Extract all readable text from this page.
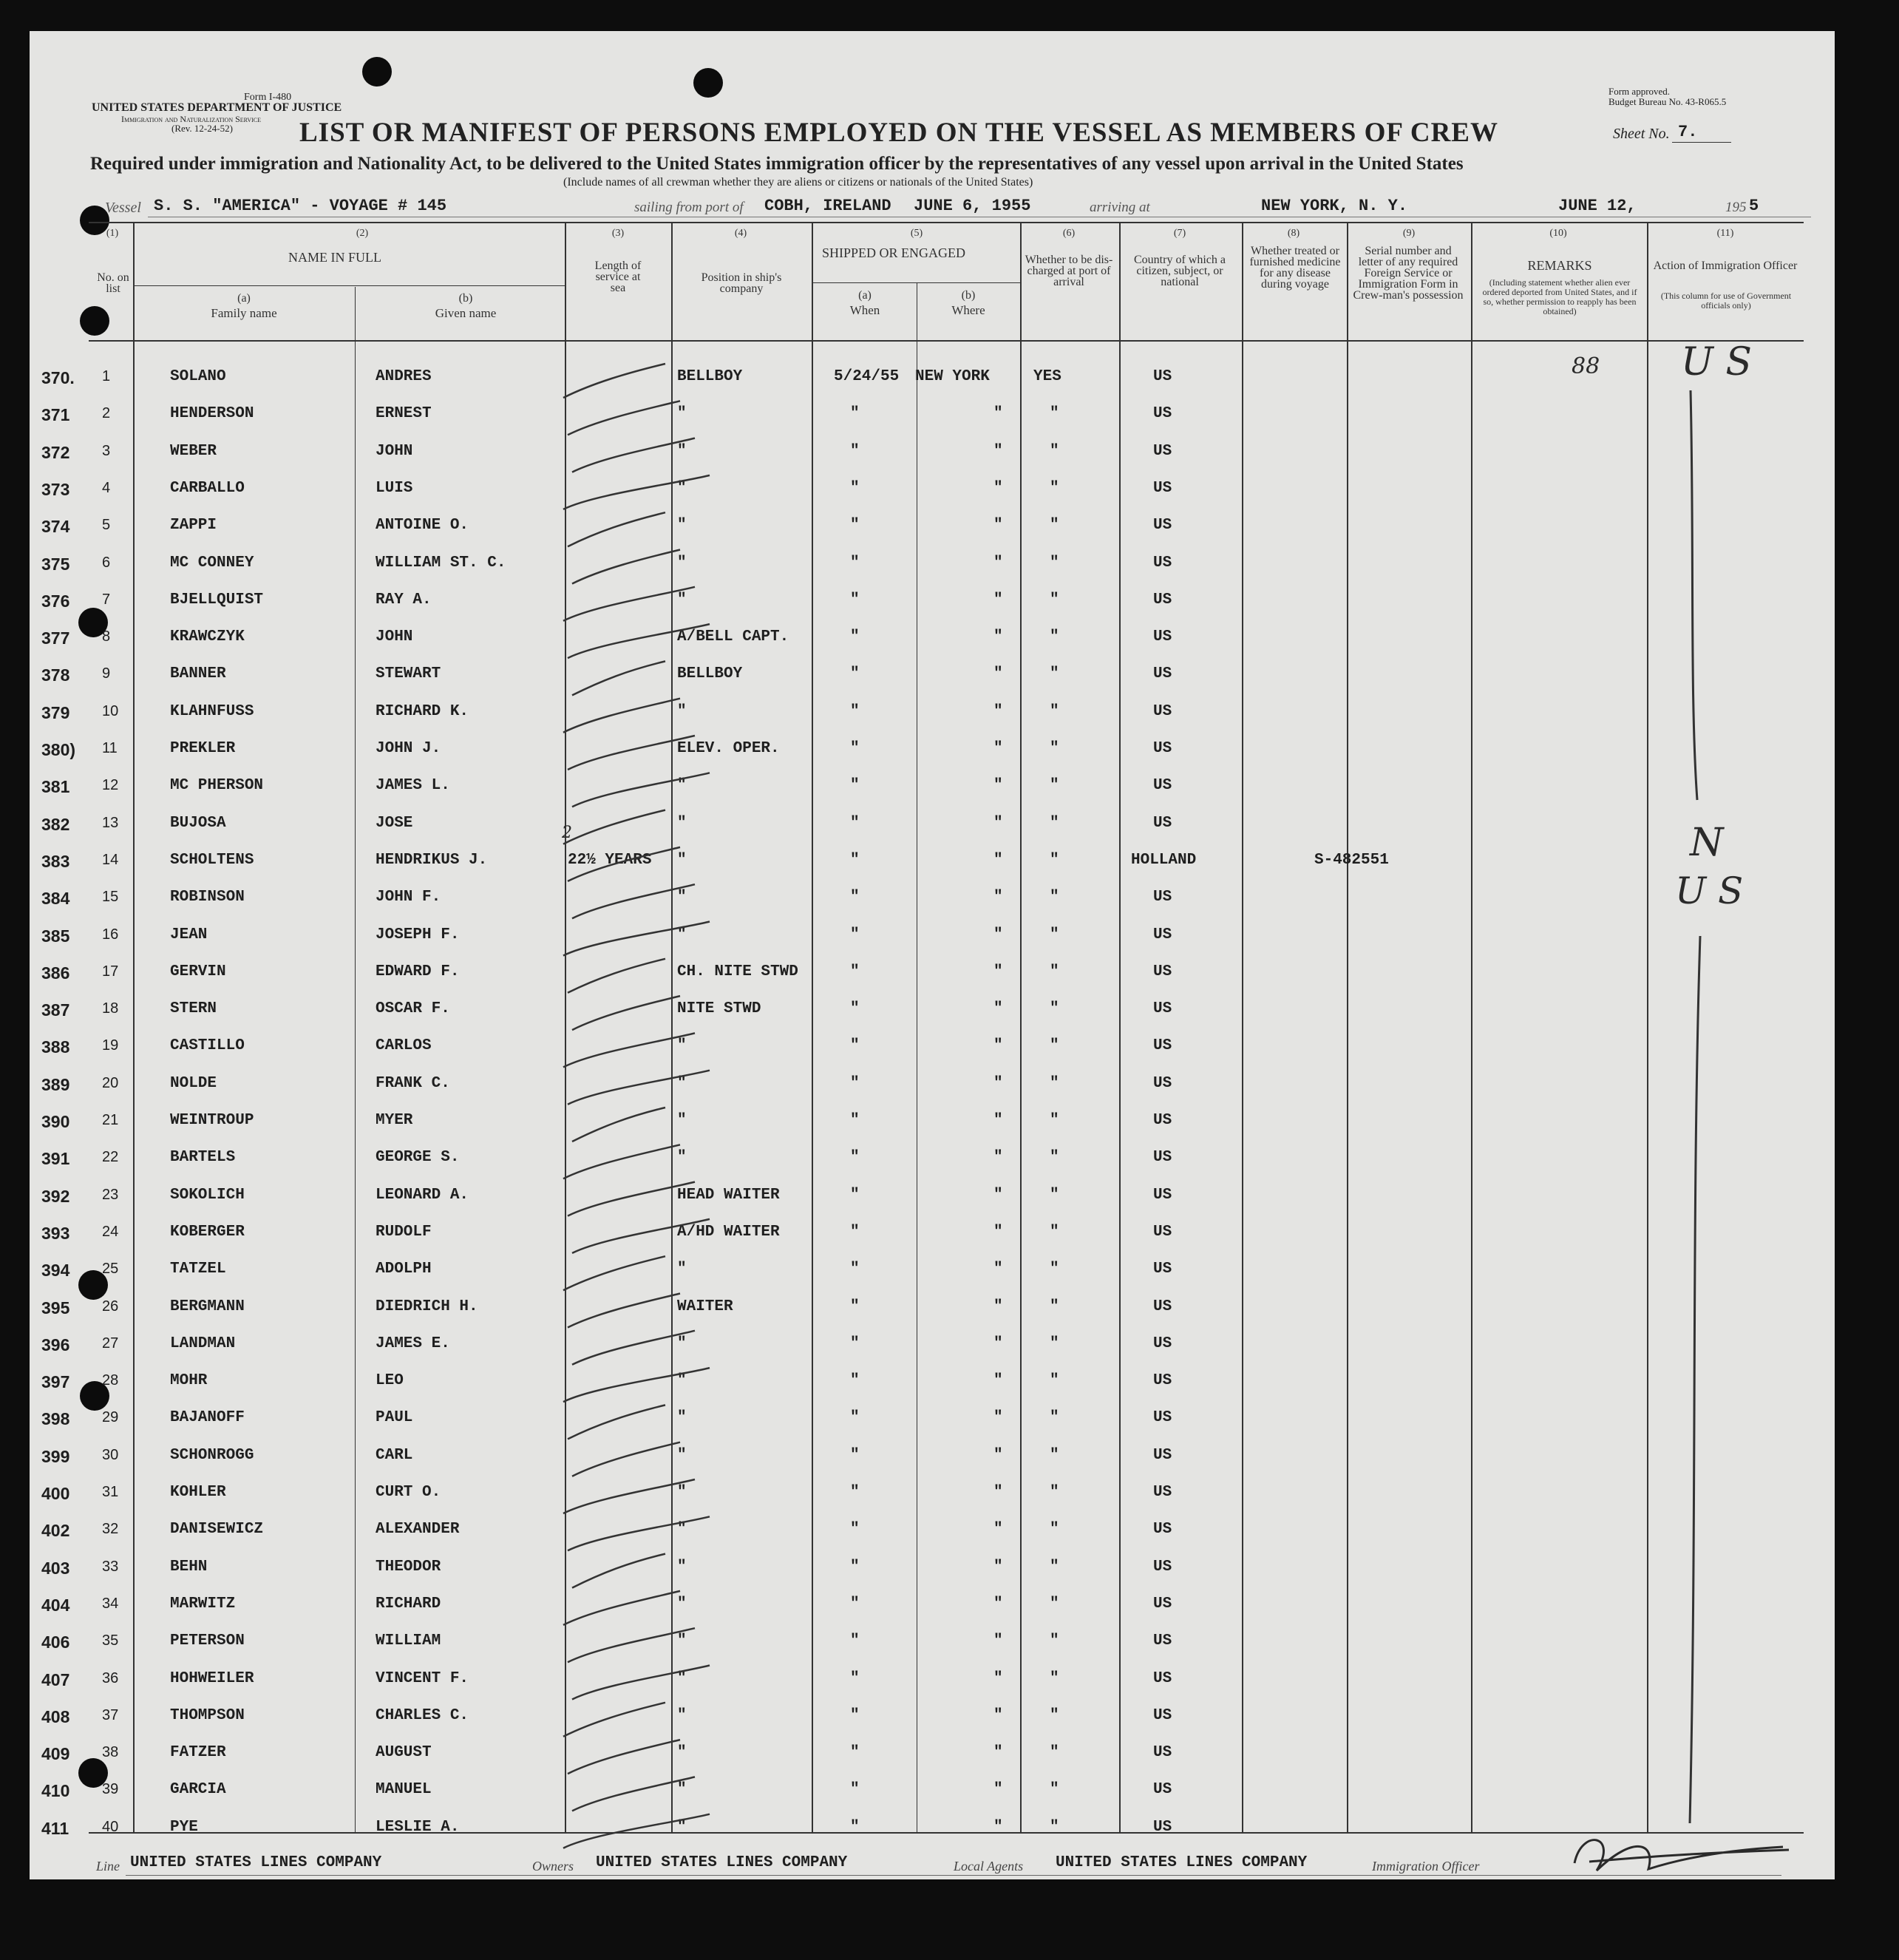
Form I-480
UNITED STATES DEPARTMENT OF JUSTICE
Immigration and Naturalization Service
(Rev. 12-24-52)
Form approved.
Budget Bureau No. 43-R065.5
LIST OR MANIFEST OF PERSONS EMPLOYED ON THE VESSEL AS MEMBERS OF CREW	Sheet No. 7.
Required under immigration and Nationality Act, to be delivered to the United States immigration officer by the representatives of any vessel upon arrival in the United States
(Include names of all crewman whether they are aliens or citizens or nationals of the United States)
Vessel S. S. "AMERICA" - VOYAGE # 145	sailing from port of COBH, IRELAND JUNE 6, 1955	arriving at	NEW YORK, N. Y.	JUNE 12,	195 5
(1)
No. on list
(2)
NAME IN FULL
(a)
Family name
(b)
Given name
(3)
Length of service at sea
(4)
Position in ship's company
(5)
SHIPPED OR ENGAGED
(a)
When
(b)
Where
(6)
Whether to be dis-charged at port of arrival
(7)
Country of which a citizen, subject, or national
(8)
Whether treated or furnished medicine for any disease during voyage
(9)
Serial number and letter of any required Foreign Service or Immigration Form in Crew-man's possession
(10)
REMARKS
(Including statement whether alien ever ordered deported from United States, and if so, whether permission to reapply has been obtained)
(11)
Action of Immigration Officer
(This column for use of Government officials only)
370. 1	SOLANO	ANDRES	BELLBOY	5/24/55 NEW YORK	YES	US
371 2	HENDERSON	ERNEST	"	"	"	"	US
372 3	WEBER	JOHN	"	"	"	"	US
373 4	CARBALLO	LUIS	"	"	"	"	US
374 5	ZAPPI	ANTOINE O.	"	"	"	"	US
375 6	MC CONNEY	WILLIAM ST. C.	"	"	"	"	US
376 7	BJELLQUIST	RAY A.	"	"	"	"	US
377 8	KRAWCZYK	JOHN	A/BELL CAPT.	"	"	"	US
378 9	BANNER	STEWART	BELLBOY	"	"	"	US
379 10	KLAHNFUSS	RICHARD K.	"	"	"	"	US
380) 11	PREKLER	JOHN J.	ELEV. OPER.	"	"	"	US
381 12	MC PHERSON	JAMES L.	"	"	"	"	US
382 13	BUJOSA	JOSE	"	"	"	"	US
383 14	SCHOLTENS	HENDRIKUS J.	22½ YEARS "	"	"	"	HOLLAND	S-482551
384 15	ROBINSON	JOHN F.	"	"	"	"	US
385 16	JEAN	JOSEPH F.	"	"	"	"	US
386 17	GERVIN	EDWARD F.	CH. NITE STWD	"	"	"	US
387 18	STERN	OSCAR F.	NITE STWD	"	"	"	US
388 19	CASTILLO	CARLOS	"	"	"	"	US
389 20	NOLDE	FRANK C.	"	"	"	"	US
390 21	WEINTROUP	MYER	"	"	"	"	US
391 22	BARTELS	GEORGE S.	"	"	"	"	US
392 23	SOKOLICH	LEONARD A.	HEAD WAITER	"	"	"	US
393 24	KOBERGER	RUDOLF	A/HD WAITER	"	"	"	US
394 25	TATZEL	ADOLPH	"	"	"	"	US
395 26	BERGMANN	DIEDRICH H.	WAITER	"	"	"	US
396 27	LANDMAN	JAMES E.	"	"	"	"	US
397 28	MOHR	LEO	"	"	"	"	US
398 29	BAJANOFF	PAUL	"	"	"	"	US
399 30	SCHONROGG	CARL	"	"	"	"	US
400 31	KOHLER	CURT O.	"	"	"	"	US
402 32	DANISEWICZ	ALEXANDER	"	"	"	"	US
403 33	BEHN	THEODOR	"	"	"	"	US
404 34	MARWITZ	RICHARD	"	"	"	"	US
406 35	PETERSON	WILLIAM	"	"	"	"	US
407 36	HOHWEILER	VINCENT F.	"	"	"	"	US
408 37	THOMPSON	CHARLES C.	"	"	"	"	US
409 38	FATZER	AUGUST	"	"	"	"	US
410 39	GARCIA	MANUEL	"	"	"	"	US
411 40	PYE	LESLIE A.	"	"	"	"	US
88 U S
N
U S
2
Line UNITED STATES LINES COMPANY	Owners UNITED STATES LINES COMPANY	Local Agents UNITED STATES LINES COMPANY	Immigration Officer
